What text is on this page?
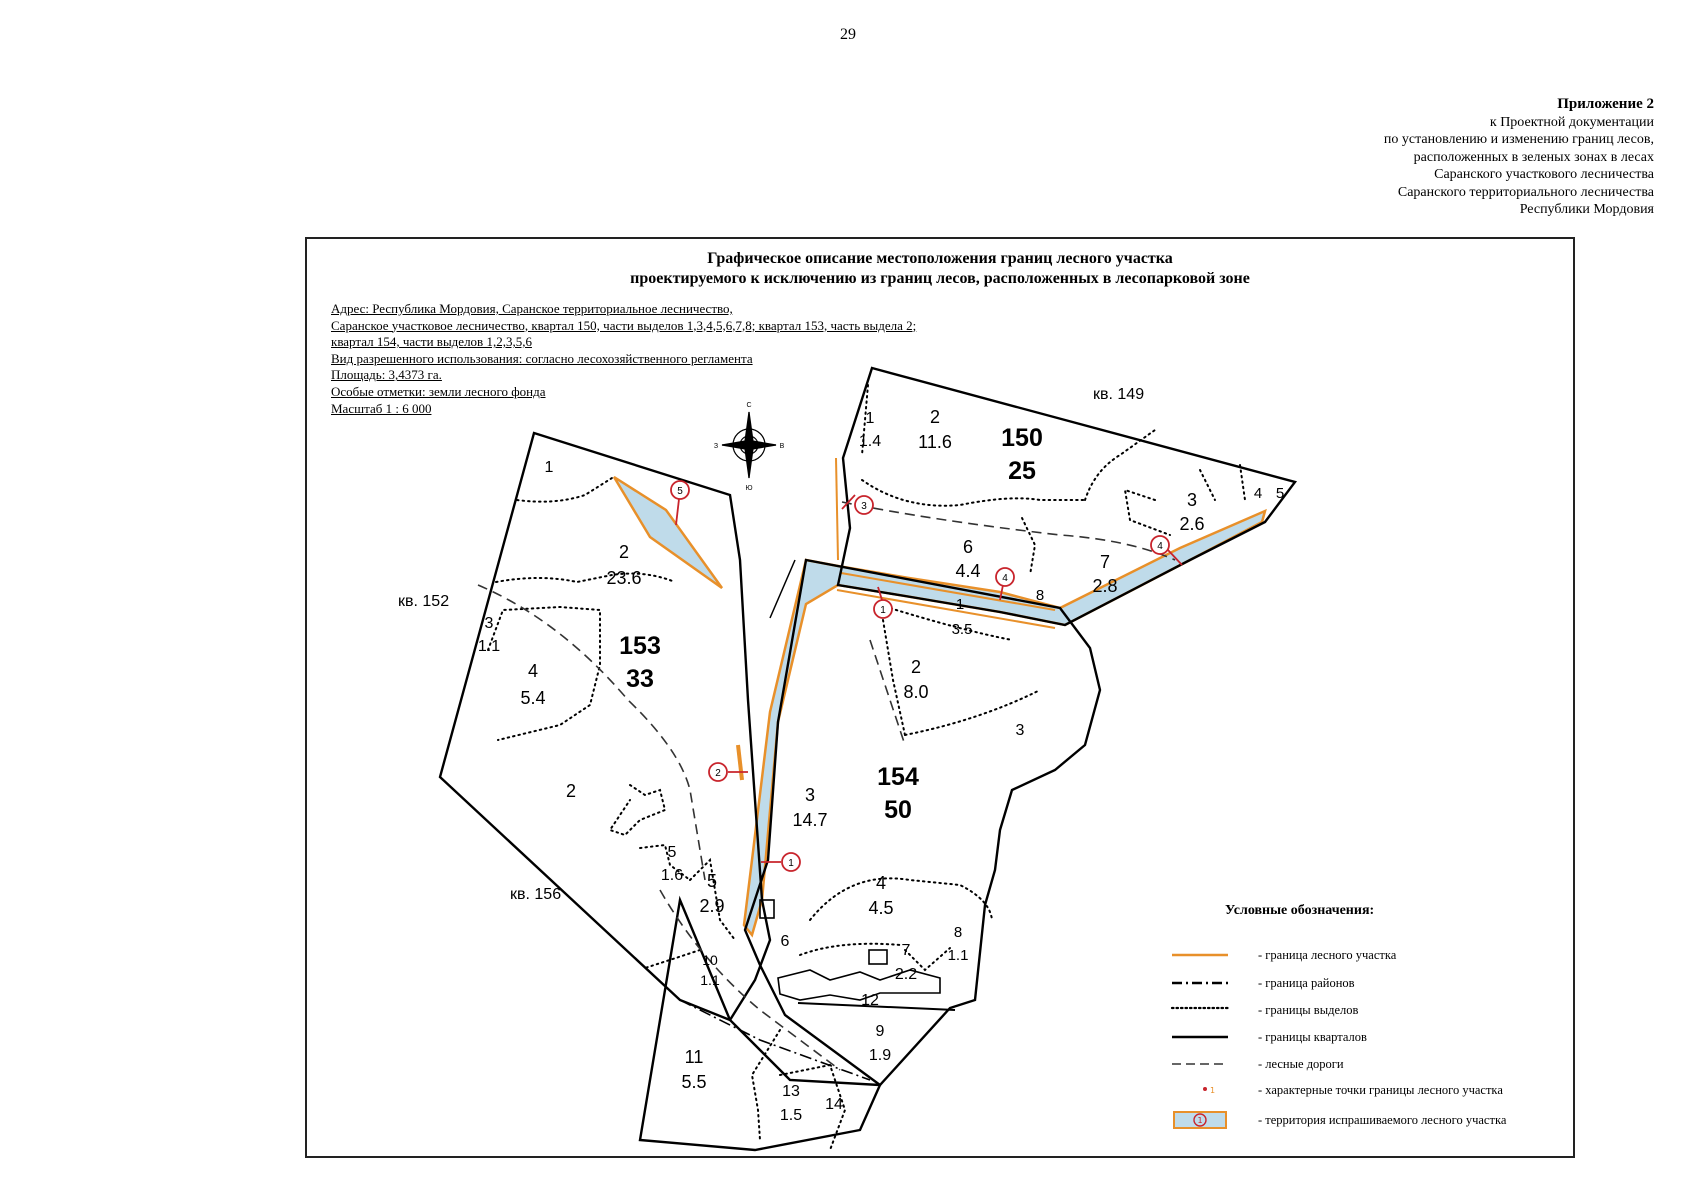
29
Приложение 2
к Проектной документации
по установлению и изменению границ лесов,
расположенных в зеленых зонах в лесах
Саранского участкового лесничества
Саранского территориального лесничества
Республики Мордовия
Графическое описание местоположения границ лесного участка
проектируемого к исключению из границ лесов, расположенных в лесопарковой зоне
Адрес: Республика Мордовия, Саранское территориальное лесничество,
Саранское участковое лесничество, квартал 150, части выделов 1,3,4,5,6,7,8; квартал 153, часть выдела 2;
квартал 154, части выделов 1,2,3,5,6
Вид разрешенного использования: согласно лесохозяйственного регламента
Площадь: 3,4373 га.
Особые отметки: земли лесного фонда
Масштаб 1 : 6 000	С
Ю
З	В
кв. 149
кв. 152
кв. 156
150
25
153
33
154
50
1
1.4
2
11.6
3
2.6
4 5
6
4.4	7
2.8
8
1
2
23.6
3
1.1
4
5.4
2
5
1.6 5
2.9
10
1.1
11
5.5	13
1.5
14
1
3.5
2
8.0
3
3
14.7
4
4.5
6
7
2.2
8
1.1
12
9
1.9
5
3
4
4
1
2
1
Условные обозначения:
- граница лесного участка
- граница районов
- границы выделов
- границы кварталов
- лесные дороги
1	- характерные точки границы лесного участка
1	- территория испрашиваемого лесного участка
